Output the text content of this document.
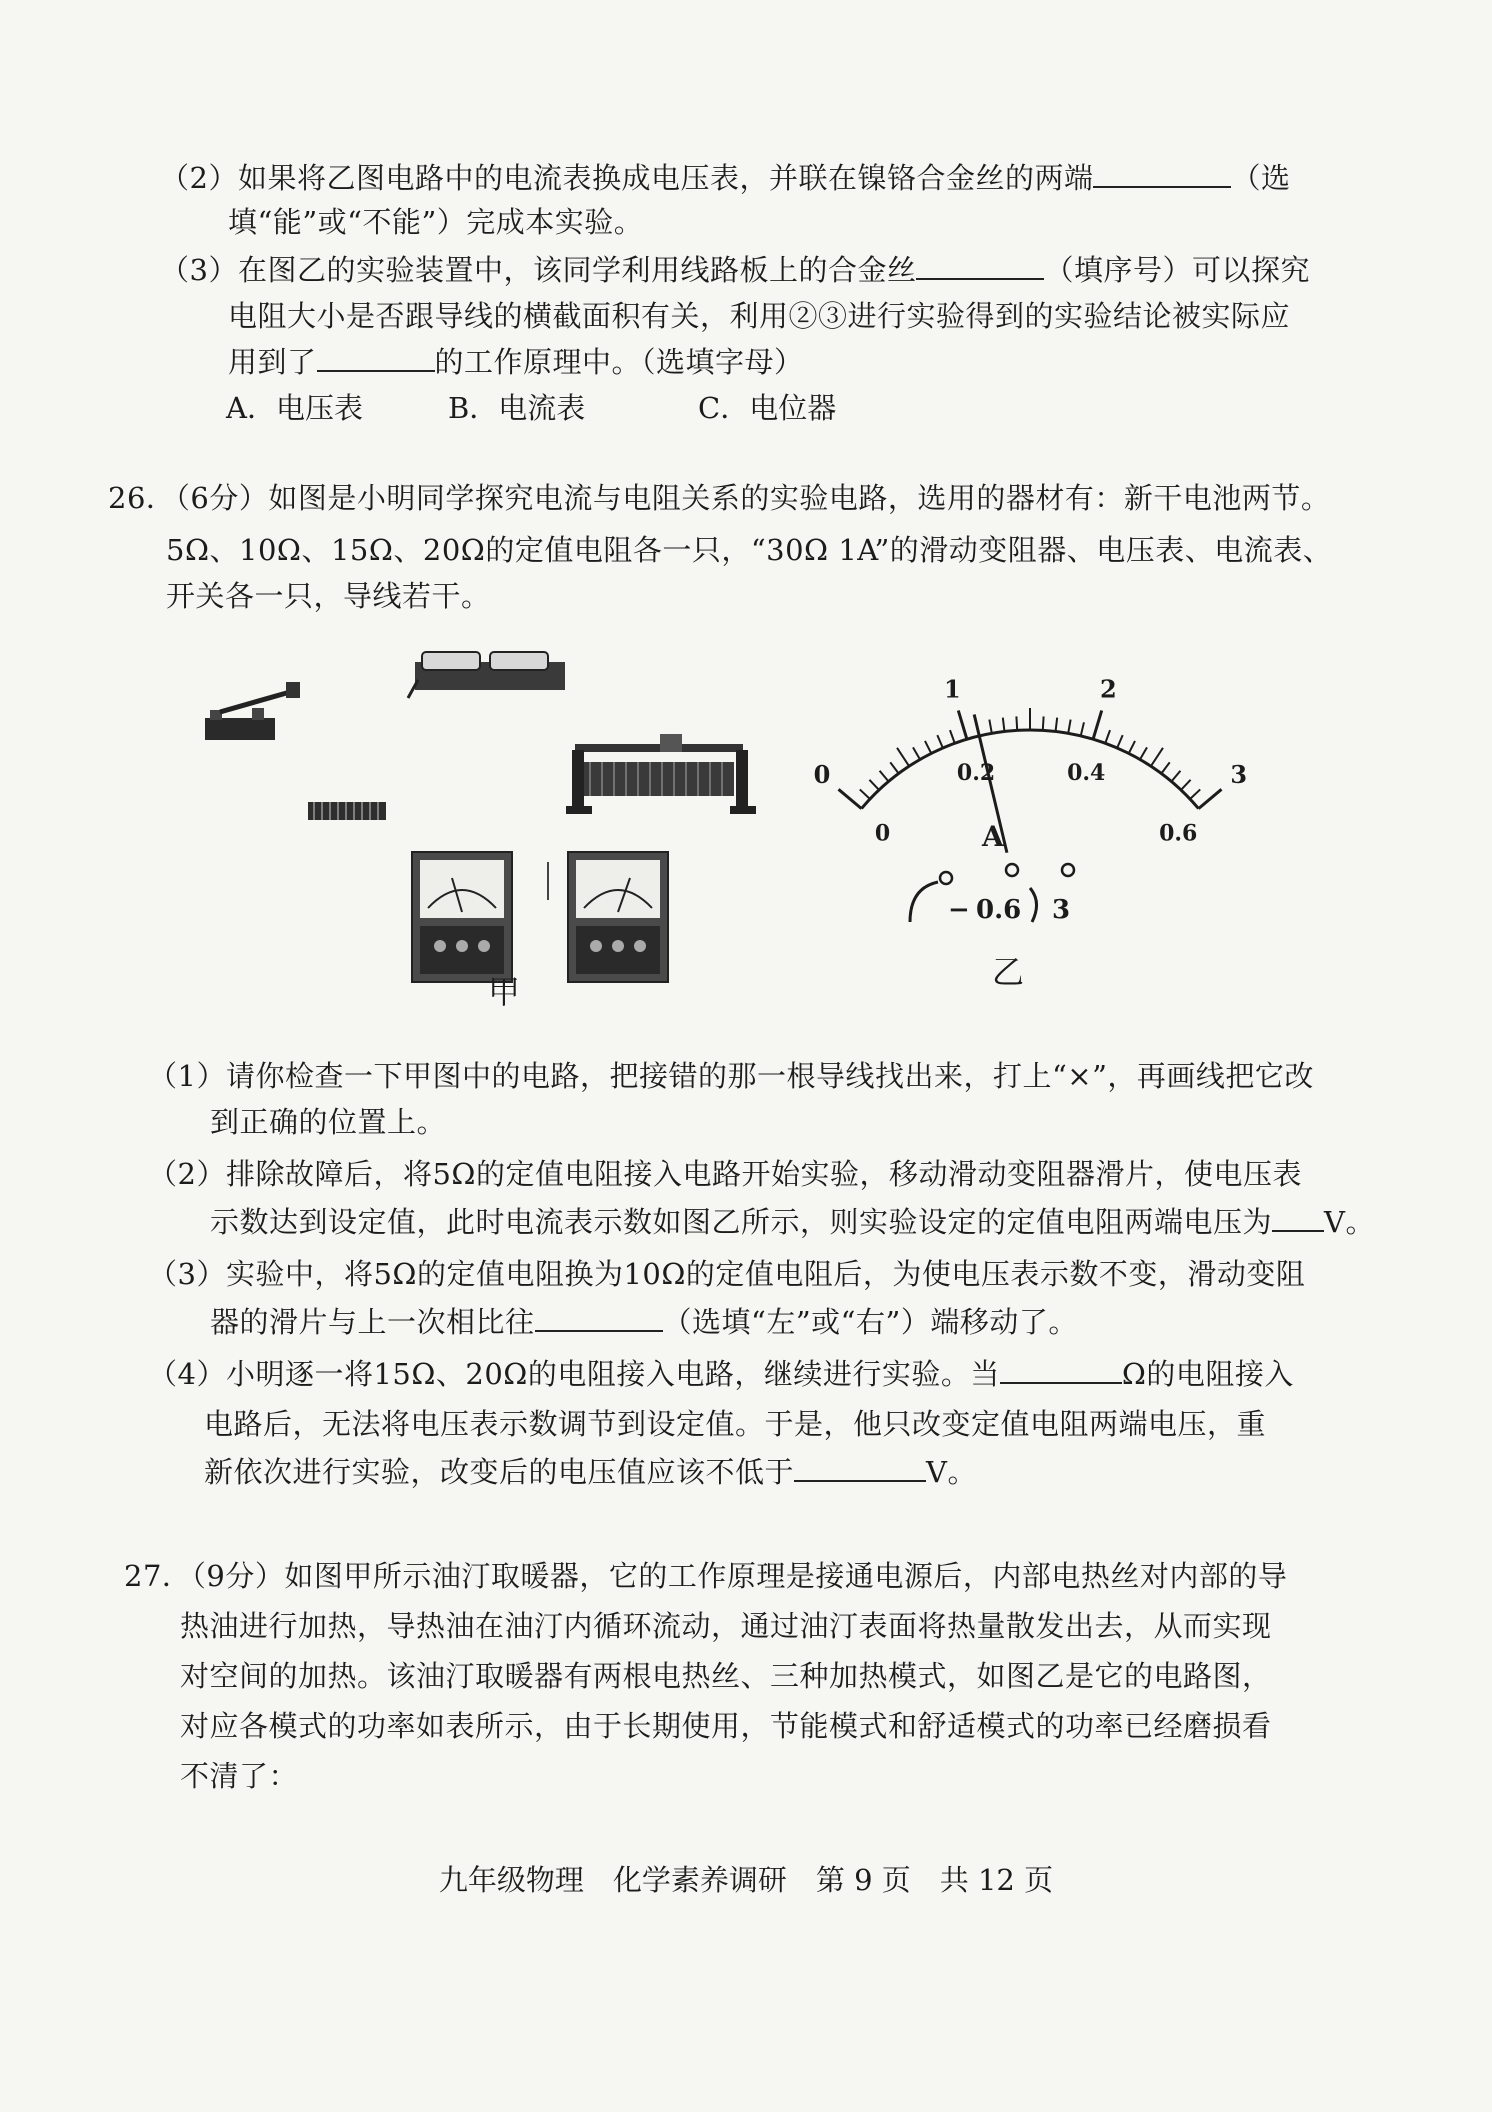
（2）如果将乙图电路中的电流表换成电压表，并联在镍铬合金丝的两端	（选
填“能”或“不能”）完成本实验。
（3）在图乙的实验装置中，该同学利用线路板上的合金丝	（填序号）可以探究
电阻大小是否跟导线的横截面积有关，利用②③进行实验得到的实验结论被实际应
用到了	的工作原理中。（选填字母）
A．电压表	B．电流表	C．电位器
26．（6分）如图是小明同学探究电流与电阻关系的实验电路，选用的器材有：新干电池两节。
5Ω、10Ω、15Ω、20Ω的定值电阻各一只，“30Ω 1A”的滑动变阻器、电压表、电流表、
开关各一只，导线若干。
甲
0
1	2
3
0
0.2	0.4
0.6
A
− 0.6 3
乙
（1）请你检查一下甲图中的电路，把接错的那一根导线找出来，打上“×”，再画线把它改
到正确的位置上。
（2）排除故障后，将5Ω的定值电阻接入电路开始实验，移动滑动变阻器滑片，使电压表
示数达到设定值，此时电流表示数如图乙所示，则实验设定的定值电阻两端电压为 V。
（3）实验中，将5Ω的定值电阻换为10Ω的定值电阻后，为使电压表示数不变，滑动变阻
器的滑片与上一次相比往	（选填“左”或“右”）端移动了。
（4）小明逐一将15Ω、20Ω的电阻接入电路，继续进行实验。当	Ω的电阻接入
电路后，无法将电压表示数调节到设定值。于是，他只改变定值电阻两端电压，重
新依次进行实验，改变后的电压值应该不低于	V。
27．（9分）如图甲所示油汀取暖器，它的工作原理是接通电源后，内部电热丝对内部的导
热油进行加热，导热油在油汀内循环流动，通过油汀表面将热量散发出去，从而实现
对空间的加热。该油汀取暖器有两根电热丝、三种加热模式，如图乙是它的电路图，
对应各模式的功率如表所示，由于长期使用，节能模式和舒适模式的功率已经磨损看
不清了：
九年级物理　化学素养调研　第 9 页　共 12 页
